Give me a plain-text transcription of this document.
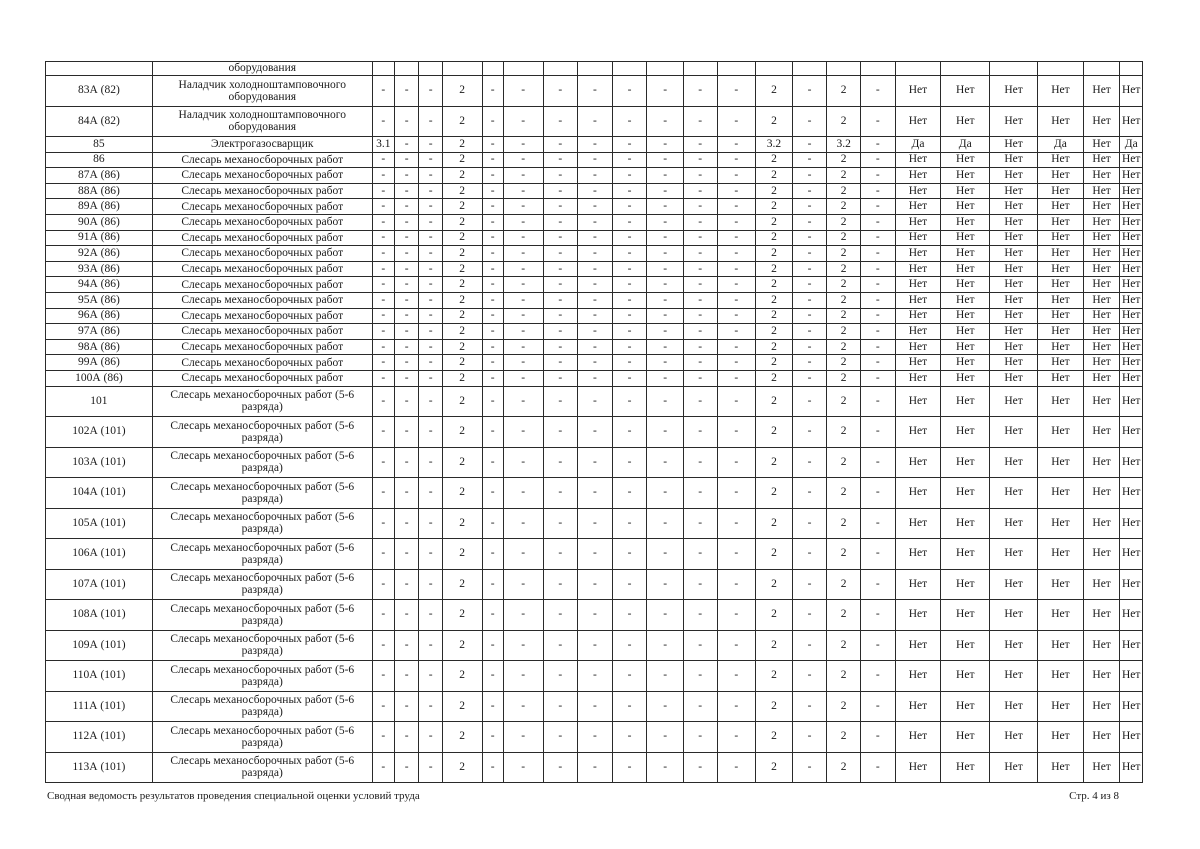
	оборудования																						
83А (82)	Наладчик холодноштамповочного оборудования	-	-	-	2	-	-	-	-	-	-	-	-	2	-	2	-	Нет	Нет	Нет	Нет	Нет	Нет
84А (82)	Наладчик холодноштамповочного оборудования	-	-	-	2	-	-	-	-	-	-	-	-	2	-	2	-	Нет	Нет	Нет	Нет	Нет	Нет
85	Электрогазосварщик	3.1	-	-	2	-	-	-	-	-	-	-	-	3.2	-	3.2	-	Да	Да	Нет	Да	Нет	Да
86	Слесарь механосборочных работ	-	-	-	2	-	-	-	-	-	-	-	-	2	-	2	-	Нет	Нет	Нет	Нет	Нет	Нет
87А (86)	Слесарь механосборочных работ	-	-	-	2	-	-	-	-	-	-	-	-	2	-	2	-	Нет	Нет	Нет	Нет	Нет	Нет
88А (86)	Слесарь механосборочных работ	-	-	-	2	-	-	-	-	-	-	-	-	2	-	2	-	Нет	Нет	Нет	Нет	Нет	Нет
89А (86)	Слесарь механосборочных работ	-	-	-	2	-	-	-	-	-	-	-	-	2	-	2	-	Нет	Нет	Нет	Нет	Нет	Нет
90А (86)	Слесарь механосборочных работ	-	-	-	2	-	-	-	-	-	-	-	-	2	-	2	-	Нет	Нет	Нет	Нет	Нет	Нет
91А (86)	Слесарь механосборочных работ	-	-	-	2	-	-	-	-	-	-	-	-	2	-	2	-	Нет	Нет	Нет	Нет	Нет	Нет
92А (86)	Слесарь механосборочных работ	-	-	-	2	-	-	-	-	-	-	-	-	2	-	2	-	Нет	Нет	Нет	Нет	Нет	Нет
93А (86)	Слесарь механосборочных работ	-	-	-	2	-	-	-	-	-	-	-	-	2	-	2	-	Нет	Нет	Нет	Нет	Нет	Нет
94А (86)	Слесарь механосборочных работ	-	-	-	2	-	-	-	-	-	-	-	-	2	-	2	-	Нет	Нет	Нет	Нет	Нет	Нет
95А (86)	Слесарь механосборочных работ	-	-	-	2	-	-	-	-	-	-	-	-	2	-	2	-	Нет	Нет	Нет	Нет	Нет	Нет
96А (86)	Слесарь механосборочных работ	-	-	-	2	-	-	-	-	-	-	-	-	2	-	2	-	Нет	Нет	Нет	Нет	Нет	Нет
97А (86)	Слесарь механосборочных работ	-	-	-	2	-	-	-	-	-	-	-	-	2	-	2	-	Нет	Нет	Нет	Нет	Нет	Нет
98А (86)	Слесарь механосборочных работ	-	-	-	2	-	-	-	-	-	-	-	-	2	-	2	-	Нет	Нет	Нет	Нет	Нет	Нет
99А (86)	Слесарь механосборочных работ	-	-	-	2	-	-	-	-	-	-	-	-	2	-	2	-	Нет	Нет	Нет	Нет	Нет	Нет
100А (86)	Слесарь механосборочных работ	-	-	-	2	-	-	-	-	-	-	-	-	2	-	2	-	Нет	Нет	Нет	Нет	Нет	Нет
101	Слесарь механосборочных работ (5-6 разряда)	-	-	-	2	-	-	-	-	-	-	-	-	2	-	2	-	Нет	Нет	Нет	Нет	Нет	Нет
102А (101)	Слесарь механосборочных работ (5-6 разряда)	-	-	-	2	-	-	-	-	-	-	-	-	2	-	2	-	Нет	Нет	Нет	Нет	Нет	Нет
103А (101)	Слесарь механосборочных работ (5-6 разряда)	-	-	-	2	-	-	-	-	-	-	-	-	2	-	2	-	Нет	Нет	Нет	Нет	Нет	Нет
104А (101)	Слесарь механосборочных работ (5-6 разряда)	-	-	-	2	-	-	-	-	-	-	-	-	2	-	2	-	Нет	Нет	Нет	Нет	Нет	Нет
105А (101)	Слесарь механосборочных работ (5-6 разряда)	-	-	-	2	-	-	-	-	-	-	-	-	2	-	2	-	Нет	Нет	Нет	Нет	Нет	Нет
106А (101)	Слесарь механосборочных работ (5-6 разряда)	-	-	-	2	-	-	-	-	-	-	-	-	2	-	2	-	Нет	Нет	Нет	Нет	Нет	Нет
107А (101)	Слесарь механосборочных работ (5-6 разряда)	-	-	-	2	-	-	-	-	-	-	-	-	2	-	2	-	Нет	Нет	Нет	Нет	Нет	Нет
108А (101)	Слесарь механосборочных работ (5-6 разряда)	-	-	-	2	-	-	-	-	-	-	-	-	2	-	2	-	Нет	Нет	Нет	Нет	Нет	Нет
109А (101)	Слесарь механосборочных работ (5-6 разряда)	-	-	-	2	-	-	-	-	-	-	-	-	2	-	2	-	Нет	Нет	Нет	Нет	Нет	Нет
110А (101)	Слесарь механосборочных работ (5-6 разряда)	-	-	-	2	-	-	-	-	-	-	-	-	2	-	2	-	Нет	Нет	Нет	Нет	Нет	Нет
111А (101)	Слесарь механосборочных работ (5-6 разряда)	-	-	-	2	-	-	-	-	-	-	-	-	2	-	2	-	Нет	Нет	Нет	Нет	Нет	Нет
112А (101)	Слесарь механосборочных работ (5-6 разряда)	-	-	-	2	-	-	-	-	-	-	-	-	2	-	2	-	Нет	Нет	Нет	Нет	Нет	Нет
113А (101)	Слесарь механосборочных работ (5-6 разряда)	-	-	-	2	-	-	-	-	-	-	-	-	2	-	2	-	Нет	Нет	Нет	Нет	Нет	Нет
Сводная ведомость результатов проведения специальной оценки условий труда	Стр. 4 из 8
